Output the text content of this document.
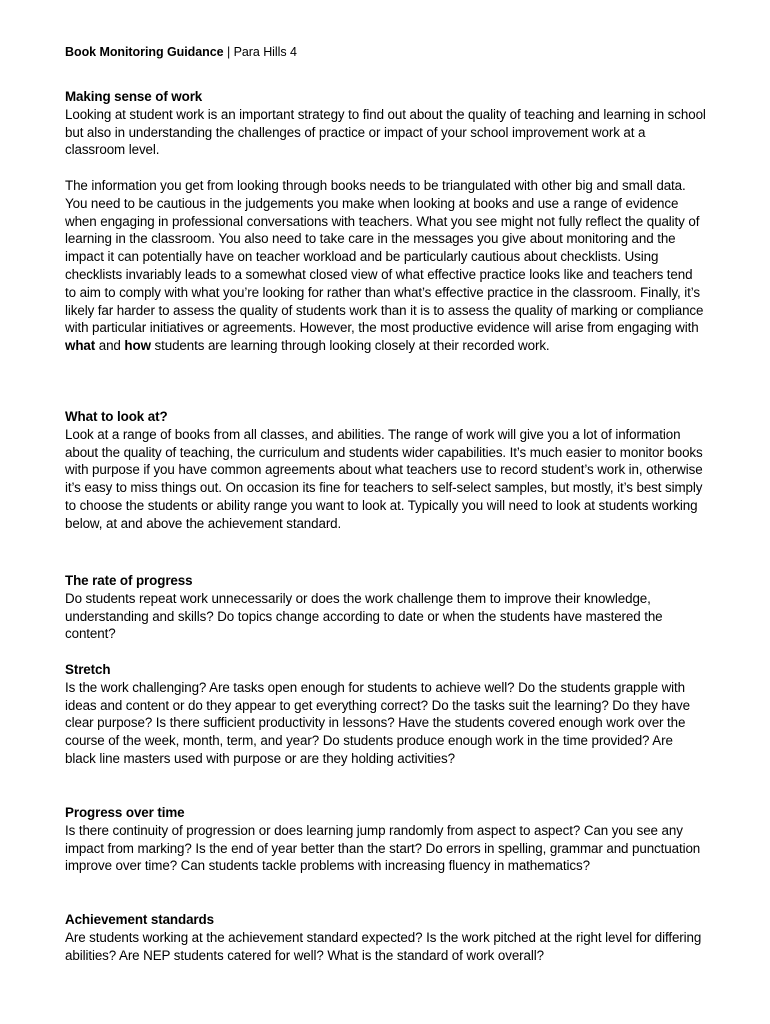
Book Monitoring Guidance | Para Hills 4
Making sense of work

Looking at student work is an important strategy to find out about the quality of teaching and learning in school but also in understanding the challenges of practice or impact of your school improvement work at a classroom level.

The information you get from looking through books needs to be triangulated with other big and small data. You need to be cautious in the judgements you make when looking at books and use a range of evidence when engaging in professional conversations with teachers. What you see might not fully reflect the quality of learning in the classroom. You also need to take care in the messages you give about monitoring and the impact it can potentially have on teacher workload and be particularly cautious about checklists. Using checklists invariably leads to a somewhat closed view of what effective practice looks like and teachers tend to aim to comply with what you’re looking for rather than what’s effective practice in the classroom. Finally, it’s likely far harder to assess the quality of students work than it is to assess the quality of marking or compliance with particular initiatives or agreements. However, the most productive evidence will arise from engaging with what and how students are learning through looking closely at their recorded work.

What to look at?

Look at a range of books from all classes, and abilities. The range of work will give you a lot of information about the quality of teaching, the curriculum and students wider capabilities. It’s much easier to monitor books with purpose if you have common agreements about what teachers use to record student’s work in, otherwise it’s easy to miss things out. On occasion its fine for teachers to self-select samples, but mostly, it’s best simply to choose the students or ability range you want to look at. Typically you will need to look at students working below, at and above the achievement standard.

The rate of progress

Do students repeat work unnecessarily or does the work challenge them to improve their knowledge, understanding and skills? Do topics change according to date or when the students have mastered the content?

Stretch

Is the work challenging? Are tasks open enough for students to achieve well? Do the students grapple with ideas and content or do they appear to get everything correct? Do the tasks suit the learning? Do they have clear purpose? Is there sufficient productivity in lessons? Have the students covered enough work over the course of the week, month, term, and year? Do students produce enough work in the time provided? Are black line masters used with purpose or are they holding activities?

Progress over time

Is there continuity of progression or does learning jump randomly from aspect to aspect? Can you see any impact from marking? Is the end of year better than the start? Do errors in spelling, grammar and punctuation improve over time? Can students tackle problems with increasing fluency in mathematics?

Achievement standards

Are students working at the achievement standard expected? Is the work pitched at the right level for differing abilities? Are NEP students catered for well? What is the standard of work overall?
